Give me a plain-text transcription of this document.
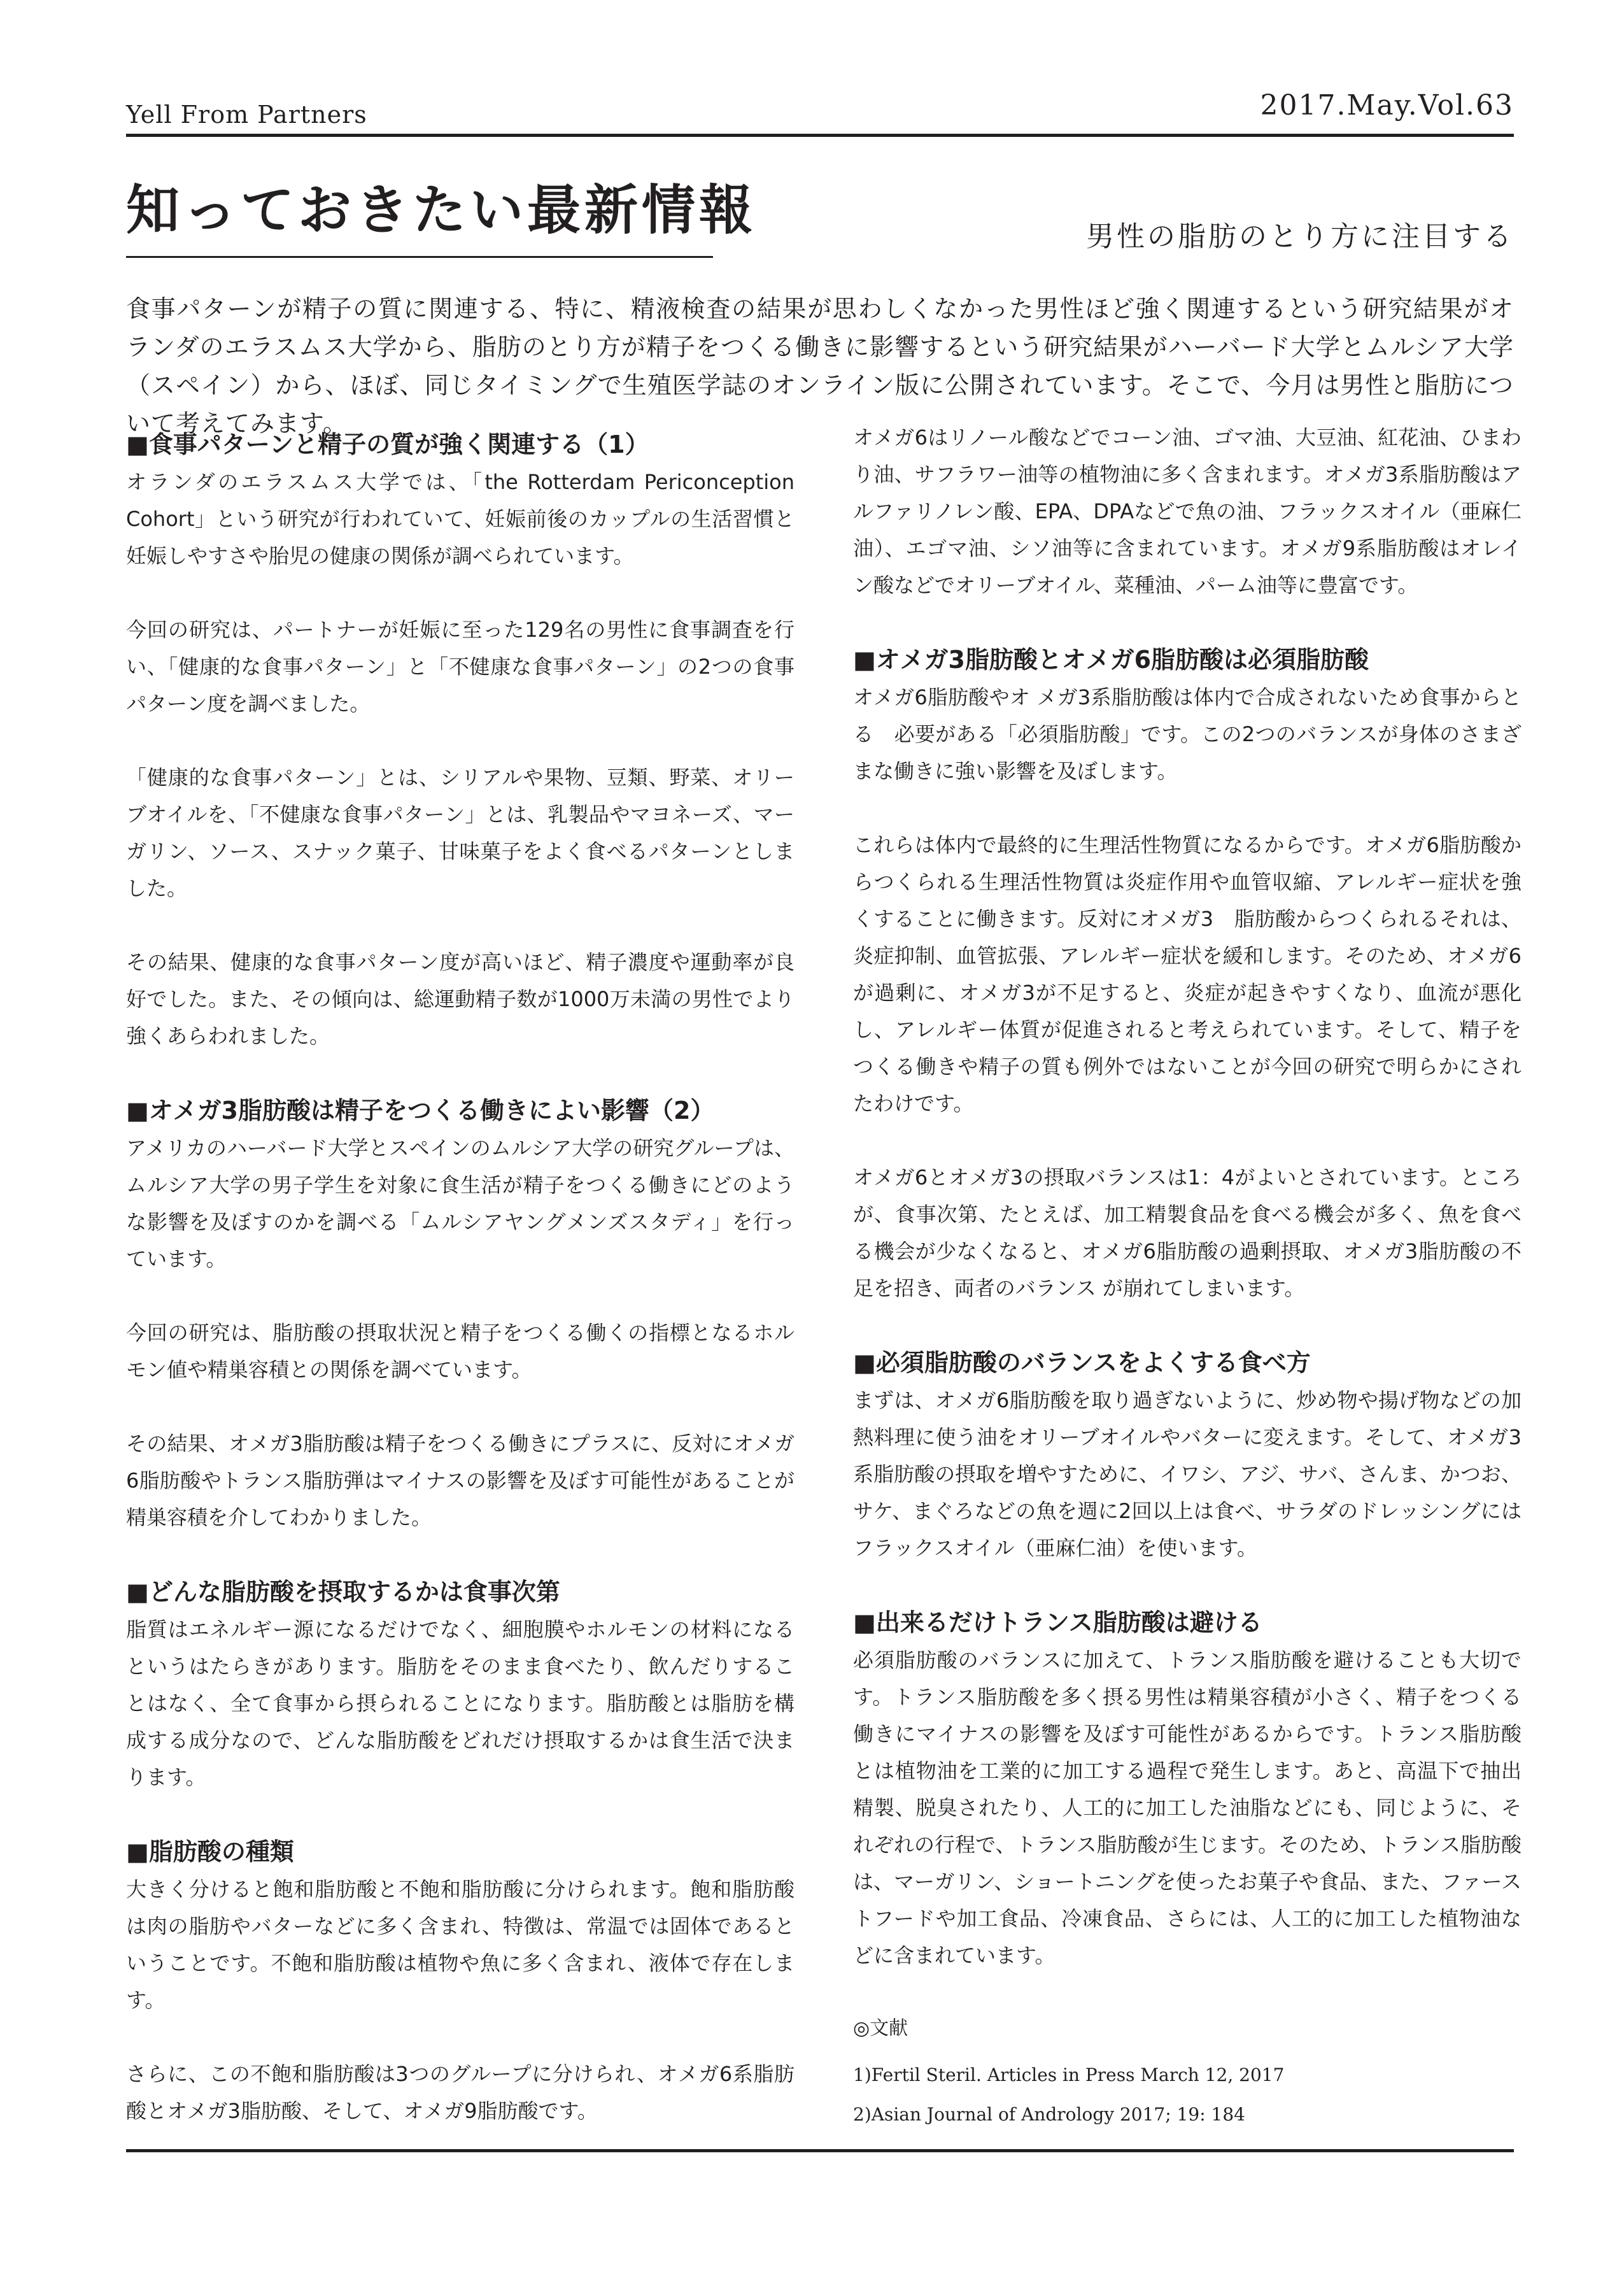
Yell From Partners	2017.May.Vol.63
知っておきたい最新情報	男性の脂肪のとり方に注目する
食事パターンが精子の質に関連する、特に、精液検査の結果が思わしくなかった男性ほど強く関連するという研究結果がオランダのエラスムス大学から、脂肪のとり方が精子をつくる働きに影響するという研究結果がハーバード大学とムルシア大学（スペイン）から、ほぼ、同じタイミングで生殖医学誌のオンライン版に公開されています。そこで、今月は男性と脂肪について考えてみます。
■食事パターンと精子の質が強く関連する（1）

オランダのエラスムス大学では、「the Rotterdam Periconception Cohort」という研究が行われていて、妊娠前後のカップルの生活習慣と妊娠しやすさや胎児の健康の関係が調べられています。

今回の研究は、パートナーが妊娠に至った129名の男性に食事調査を行い、「健康的な食事パターン」と「不健康な食事パターン」の2つの食事パターン度を調べました。

「健康的な食事パターン」とは、シリアルや果物、豆類、野菜、オリーブオイルを、「不健康な食事パターン」とは、乳製品やマヨネーズ、マーガリン、ソース、スナック菓子、甘味菓子をよく食べるパターンとしました。

その結果、健康的な食事パターン度が高いほど、精子濃度や運動率が良好でした。また、その傾向は、総運動精子数が1000万未満の男性でより強くあらわれました。

■オメガ3脂肪酸は精子をつくる働きによい影響（2）

アメリカのハーバード大学とスペインのムルシア大学の研究グループは、ムルシア大学の男子学生を対象に食生活が精子をつくる働きにどのような影響を及ぼすのかを調べる「ムルシアヤングメンズスタディ」を行っています。

今回の研究は、脂肪酸の摂取状況と精子をつくる働くの指標となるホルモン値や精巣容積との関係を調べています。

その結果、オメガ3脂肪酸は精子をつくる働きにプラスに、反対にオメガ6脂肪酸やトランス脂肪弾はマイナスの影響を及ぼす可能性があることが精巣容積を介してわかりました。

■どんな脂肪酸を摂取するかは食事次第

脂質はエネルギー源になるだけでなく、細胞膜やホルモンの材料になるというはたらきがあります。脂肪をそのまま食べたり、飲んだりすることはなく、全て食事から摂られることになります。脂肪酸とは脂肪を構成する成分なので、どんな脂肪酸をどれだけ摂取するかは食生活で決まります。

■脂肪酸の種類

大きく分けると飽和脂肪酸と不飽和脂肪酸に分けられます。飽和脂肪酸は肉の脂肪やバターなどに多く含まれ、特徴は、常温では固体であるということです。不飽和脂肪酸は植物や魚に多く含まれ、液体で存在します。

さらに、この不飽和脂肪酸は3つのグループに分けられ、オメガ6系脂肪酸とオメガ3脂肪酸、そして、オメガ9脂肪酸です。

オメガ6はリノール酸などでコーン油、ゴマ油、大豆油、紅花油、ひまわり油、サフラワー油等の植物油に多く含まれます。オメガ3系脂肪酸はアルファリノレン酸、EPA、DPAなどで魚の油、フラックスオイル（亜麻仁油）、エゴマ油、シソ油等に含まれています。オメガ9系脂肪酸はオレイン酸などでオリーブオイル、菜種油、パーム油等に豊富です。

■オメガ3脂肪酸とオメガ6脂肪酸は必須脂肪酸

オメガ6脂肪酸やオ メガ3系脂肪酸は体内で合成されないため食事からとる　必要がある「必須脂肪酸」です。この2つのバランスが身体のさまざまな働きに強い影響を及ぼします。

これらは体内で最終的に生理活性物質になるからです。オメガ6脂肪酸からつくられる生理活性物質は炎症作用や血管収縮、アレルギー症状を強くすることに働きます。反対にオメガ3　脂肪酸からつくられるそれは、炎症抑制、血管拡張、アレルギー症状を緩和します。そのため、オメガ6が過剰に、オメガ3が不足すると、炎症が起きやすくなり、血流が悪化し、アレルギー体質が促進されると考えられています。そして、精子をつくる働きや精子の質も例外ではないことが今回の研究で明らかにされたわけです。

オメガ6とオメガ3の摂取バランスは1：4がよいとされています。ところが、食事次第、たとえば、加工精製食品を食べる機会が多く、魚を食べる機会が少なくなると、オメガ6脂肪酸の過剰摂取、オメガ3脂肪酸の不足を招き、両者のバランス が崩れてしまいます。

■必須脂肪酸のバランスをよくする食べ方

まずは、オメガ6脂肪酸を取り過ぎないように、炒め物や揚げ物などの加熱料理に使う油をオリーブオイルやバターに変えます。そして、オメガ3系脂肪酸の摂取を増やすために、イワシ、アジ、サバ、さんま、かつお、サケ、まぐろなどの魚を週に2回以上は食べ、サラダのドレッシングにはフラックスオイル（亜麻仁油）を使います。

■出来るだけトランス脂肪酸は避ける

必須脂肪酸のバランスに加えて、トランス脂肪酸を避けることも大切です。トランス脂肪酸を多く摂る男性は精巣容積が小さく、精子をつくる働きにマイナスの影響を及ぼす可能性があるからです。トランス脂肪酸とは植物油を工業的に加工する過程で発生します。あと、高温下で抽出精製、脱臭されたり、人工的に加工した油脂などにも、同じように、それぞれの行程で、トランス脂肪酸が生じます。そのため、トランス脂肪酸は、マーガリン、ショートニングを使ったお菓子や食品、また、ファーストフードや加工食品、冷凍食品、さらには、人工的に加工した植物油などに含まれています。

◎文献

1)Fertil Steril. Articles in Press March 12, 2017

2)Asian Journal of Andrology 2017; 19: 184
